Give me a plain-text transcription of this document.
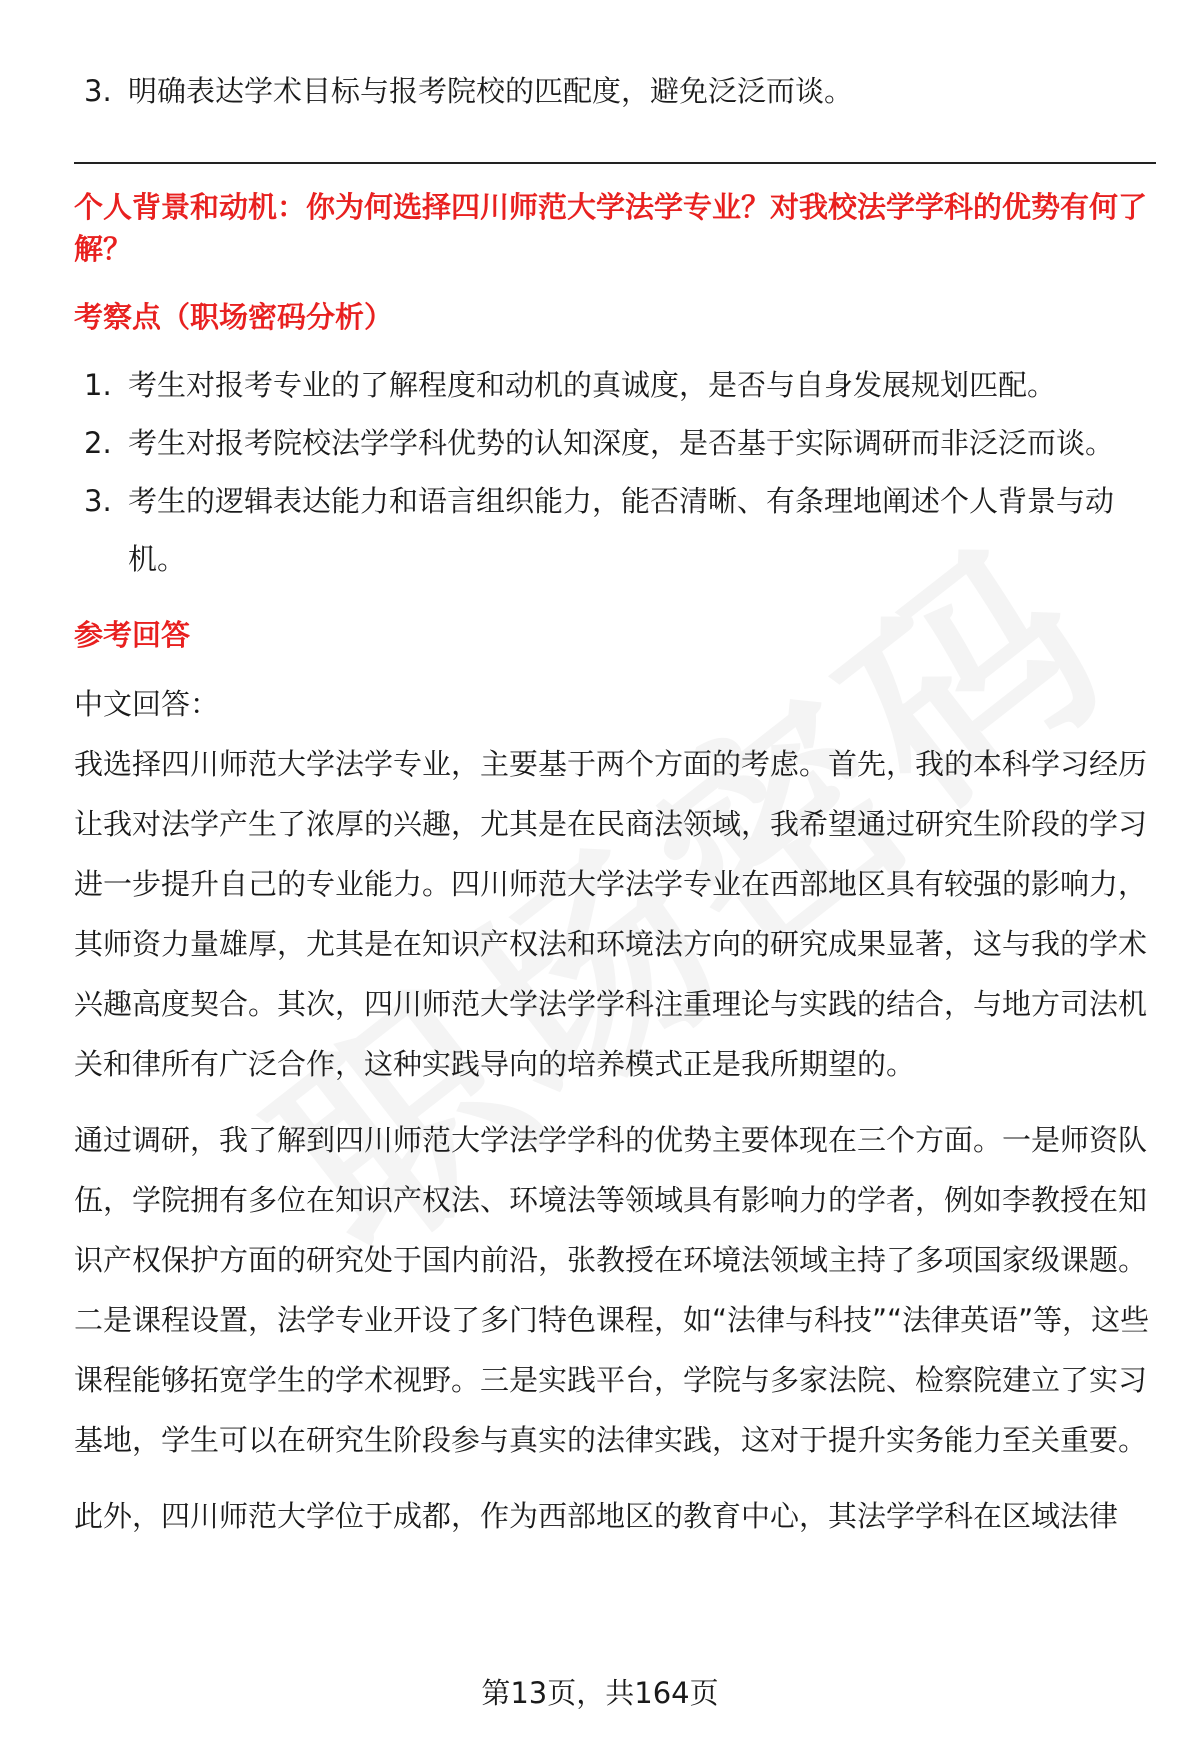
3. 明确表达学术目标与报考院校的匹配度，避免泛泛而谈。

个人背景和动机：你为何选择四川师范大学法学专业？对我校法学学科的优势有何了解？

考察点（职场密码分析）

1. 考生对报考专业的了解程度和动机的真诚度，是否与自身发展规划匹配。
2. 考生对报考院校法学学科优势的认知深度，是否基于实际调研而非泛泛而谈。
3. 考生的逻辑表达能力和语言组织能力，能否清晰、有条理地阐述个人背景与动机。

参考回答

中文回答：

我选择四川师范大学法学专业，主要基于两个方面的考虑。首先，我的本科学习经历让我对法学产生了浓厚的兴趣，尤其是在民商法领域，我希望通过研究生阶段的学习进一步提升自己的专业能力。四川师范大学法学专业在西部地区具有较强的影响力，其师资力量雄厚，尤其是在知识产权法和环境法方向的研究成果显著，这与我的学术兴趣高度契合。其次，四川师范大学法学学科注重理论与实践的结合，与地方司法机关和律所有广泛合作，这种实践导向的培养模式正是我所期望的。

通过调研，我了解到四川师范大学法学学科的优势主要体现在三个方面。一是师资队伍，学院拥有多位在知识产权法、环境法等领域具有影响力的学者，例如李教授在知识产权保护方面的研究处于国内前沿，张教授在环境法领域主持了多项国家级课题。二是课程设置，法学专业开设了多门特色课程，如“法律与科技”“法律英语”等，这些课程能够拓宽学生的学术视野。三是实践平台，学院与多家法院、检察院建立了实习基地，学生可以在研究生阶段参与真实的法律实践，这对于提升实务能力至关重要。

此外，四川师范大学位于成都，作为西部地区的教育中心，其法学学科在区域法律

第13页，共164页
